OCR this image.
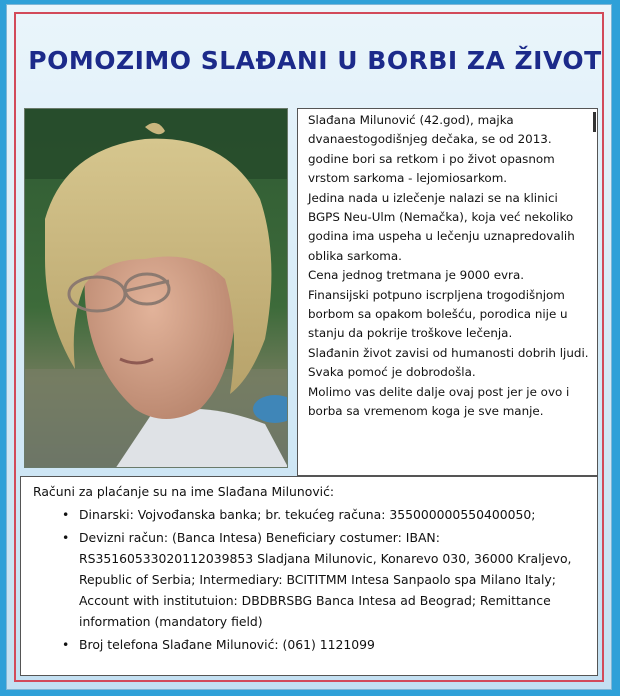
POMOZIMO SLAĐANI U BORBI ZA ŽIVOT

Slađana Milunović (42.god), majka dvanaestogodišnjeg dečaka, se od 2013. godine bori sa retkom i po život opasnom vrstom sarkoma - lejomiosarkom.

Jedina nada u izlečenje nalazi se na klinici BGPS Neu-Ulm (Nemačka), koja već nekoliko godina ima uspeha u lečenju uznapredovalih oblika sarkoma.

Cena jednog tretmana je 9000 evra.

Finansijski potpuno iscrpljena trogodišnjom borbom sa opakom bolešću, porodica nije u stanju da pokrije troškove lečenja.

Slađanin život zavisi od humanosti dobrih ljudi. Svaka pomoć je dobrodošla.

Molimo vas delite dalje ovaj post jer je ovo i borba sa vremenom koga je sve manje.

Računi za plaćanje su na ime Slađana Milunović:

• Dinarski: Vojvođanska banka; br. tekućeg računa: 355000000550400050;
• Devizni račun: (Banca Intesa) Beneficiary costumer: IBAN: RS35160533020112039853 Sladjana Milunovic, Konarevo 030, 36000 Kraljevo, Republic of Serbia; Intermediary: BCITITMM Intesa Sanpaolo spa Milano Italy; Account with institutuion: DBDBRSBG Banca Intesa ad Beograd; Remittance information (mandatory field)
• Broj telefona Slađane Milunović: (061) 1121099
